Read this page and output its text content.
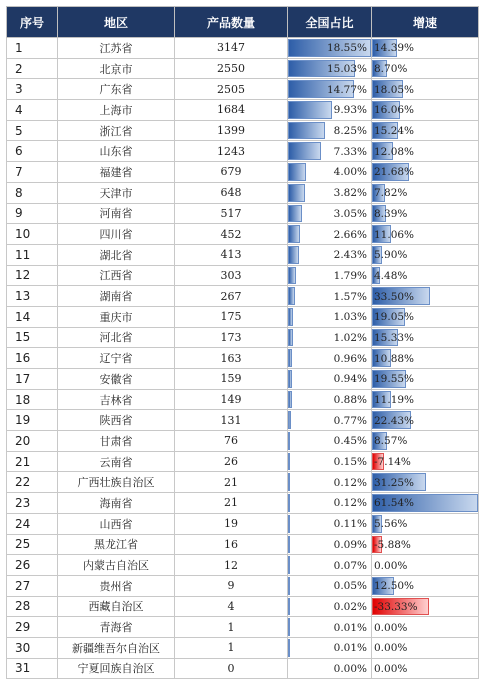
序号	地区	产品数量	全国占比	增速
1	江苏省	3147	18.55%	14.39%
2	北京市	2550	15.03%	8.70%
3	广东省	2505	14.77%	18.05%
4	上海市	1684	9.93%	16.06%
5	浙江省	1399	8.25%	15.24%
6	山东省	1243	7.33%	12.08%
7	福建省	679	4.00%	21.68%
8	天津市	648	3.82%	7.82%
9	河南省	517	3.05%	8.39%
10	四川省	452	2.66%	11.06%
11	湖北省	413	2.43%	5.90%
12	江西省	303	1.79%	4.48%
13	湖南省	267	1.57%	33.50%
14	重庆市	175	1.03%	19.05%
15	河北省	173	1.02%	15.33%
16	辽宁省	163	0.96%	10.88%
17	安徽省	159	0.94%	19.55%
18	吉林省	149	0.88%	11.19%
19	陕西省	131	0.77%	22.43%
20	甘肃省	76	0.45%	8.57%
21	云南省	26	0.15%	-7.14%
22	广西壮族自治区	21	0.12%	31.25%
23	海南省	21	0.12%	61.54%
24	山西省	19	0.11%	5.56%
25	黑龙江省	16	0.09%	-5.88%
26	内蒙古自治区	12	0.07%	0.00%
27	贵州省	9	0.05%	12.50%
28	西藏自治区	4	0.02%	-33.33%
29	青海省	1	0.01%	0.00%
30	新疆维吾尔自治区	1	0.01%	0.00%
31	宁夏回族自治区	0	0.00%	0.00%
